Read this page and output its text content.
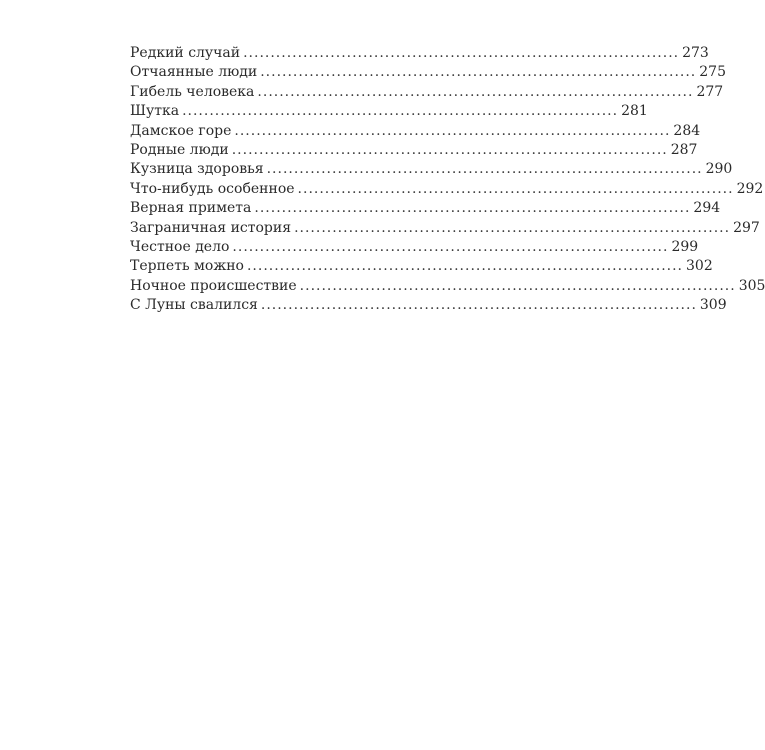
Редкий случай ................................................................................ 273
Отчаянные люди ................................................................................ 275
Гибель человека ................................................................................ 277
Шутка ................................................................................ 281
Дамское горе ................................................................................ 284
Родные люди ................................................................................ 287
Кузница здоровья ................................................................................ 290
Что-нибудь особенное ................................................................................ 292
Верная примета ................................................................................ 294
Заграничная история ................................................................................ 297
Честное дело ................................................................................ 299
Терпеть можно ................................................................................ 302
Ночное происшествие ................................................................................ 305
С Луны свалился ................................................................................ 309
